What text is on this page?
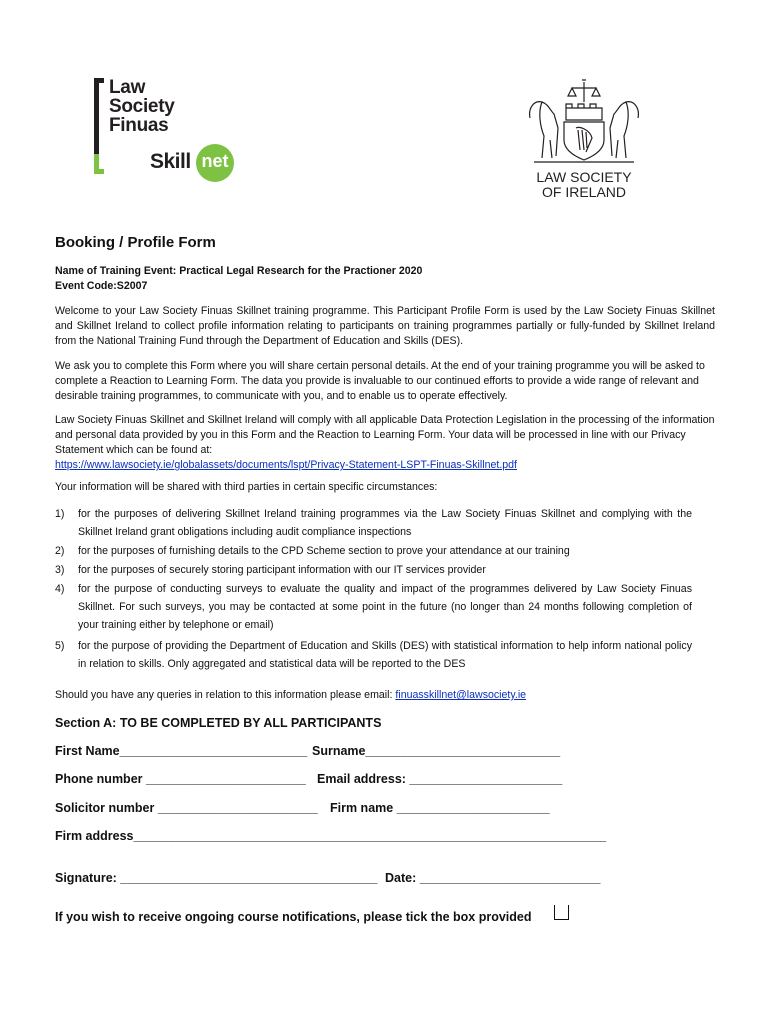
Law
Society
Finuas
Skill net
LAW SOCIETY
OF IRELAND
Booking / Profile Form
Name of Training Event: Practical Legal Research for the Practioner 2020
Event Code:S2007
Welcome to your Law Society Finuas Skillnet training programme. This Participant Profile Form is used by the Law Society Finuas Skillnet and Skillnet Ireland to collect profile information relating to participants on training programmes partially or fully-funded by Skillnet Ireland from the National Training Fund through the Department of Education and Skills (DES).
We ask you to complete this Form where you will share certain personal details. At the end of your training programme you will be asked to complete a Reaction to Learning Form. The data you provide is invaluable to our continued efforts to provide a wide range of relevant and desirable training programmes, to communicate with you, and to enable us to operate effectively.
Law Society Finuas Skillnet and Skillnet Ireland will comply with all applicable Data Protection Legislation in the processing of the information and personal data provided by you in this Form and the Reaction to Learning Form. Your data will be processed in line with our Privacy Statement which can be found at:
https://www.lawsociety.ie/globalassets/documents/lspt/Privacy-Statement-LSPT-Finuas-Skillnet.pdf
Your information will be shared with third parties in certain specific circumstances:
1) for the purposes of delivering Skillnet Ireland training programmes via the Law Society Finuas Skillnet and complying with the Skillnet Ireland grant obligations including audit compliance inspections
2) for the purposes of furnishing details to the CPD Scheme section to prove your attendance at our training
3) for the purposes of securely storing participant information with our IT services provider
4) for the purpose of conducting surveys to evaluate the quality and impact of the programmes delivered by Law Society Finuas Skillnet. For such surveys, you may be contacted at some point in the future (no longer than 24 months following completion of your training either by telephone or email)
5) for the purpose of providing the Department of Education and Skills (DES) with statistical information to help inform national policy in relation to skills. Only aggregated and statistical data will be reported to the DES
Should you have any queries in relation to this information please email: finuasskillnet@lawsociety.ie
Section A: TO BE COMPLETED BY ALL PARTICIPANTS
First Name___________________________ Surname____________________________
Phone number _______________________ Email address: ______________________
Solicitor number _______________________ Firm name ______________________
Firm address____________________________________________________________________
Signature: _____________________________________ Date: __________________________
If you wish to receive ongoing course notifications, please tick the box provided
